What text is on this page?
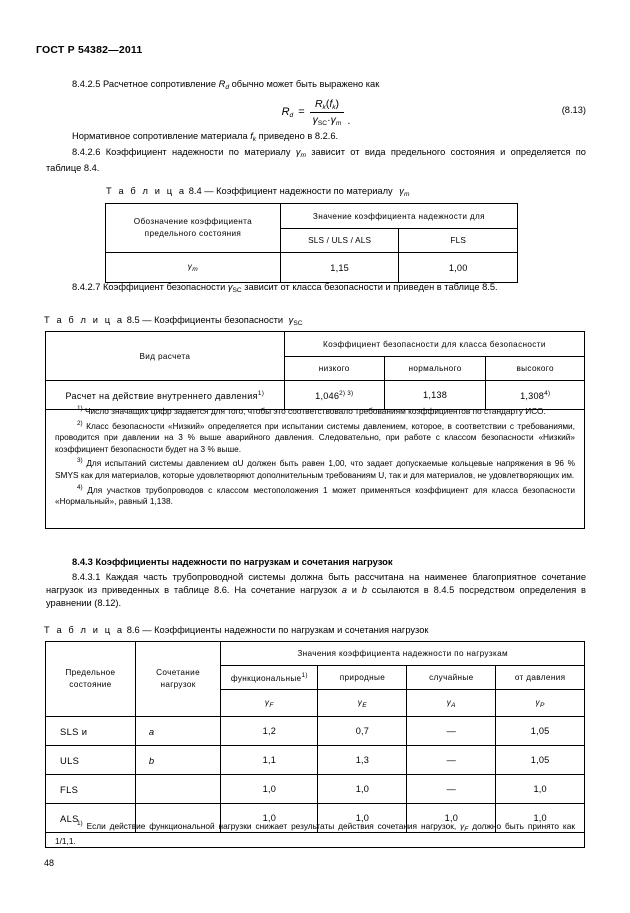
ГОСТ Р 54382—2011

8.4.2.5 Расчетное сопротивление $R_d$ обычно может быть выражено как

$R_d = \frac{R_k(f_k)}{\gamma_{SC}\cdot\gamma_m}$ .
(8.13)

Нормативное сопротивление материала $f_k$ приведено в 8.2.6.

8.4.2.6 Коэффициент надежности по материалу $\gamma_m$ зависит от вида предельного состояния и определяется по таблице 8.4.

Т а б л и ц а 8.4 — Коэффициент надежности по материалу $\gamma_m$
Обозначение коэффициента
предельного состояния	Значение коэффициента надежности для	
	SLS / ULS / ALS	FLS
$\gamma_m$	1,15	1,00

8.4.2.7 Коэффициент безопасности $\gamma_{SC}$ зависит от класса безопасности и приведен в таблице 8.5.

Т а б л и ц а 8.5 — Коэффициенты безопасности $\gamma_{SC}$
Вид расчета	Коэффициент безопасности для класса безопасности		
	низкого	нормального	высокого
Расчет на действие внутреннего давления$^{1)}$	1,046$^{2) 3)}$	1,138	1,308$^{4)}$

$^{1)}$ Число значащих цифр задается для того, чтобы это соответствовало требованиям коэффициентов по стандарту ИСО.

$^{2)}$ Класс безопасности «Низкий» определяется при испытании системы давлением, которое, в соответствии с требованиями, проводится при давлении на 3 % выше аварийного давления. Следовательно, при работе с классом безопасности «Низкий» коэффициент безопасности будет на 3 % выше.

$^{3)}$ Для испытаний системы давлением αU должен быть равен 1,00, что задает допускаемые кольцевые напряжения в 96 % SMYS как для материалов, которые удовлетворяют дополнительным требованиям U, так и для материалов, не удовлетворяющих им.

$^{4)}$ Для участков трубопроводов с классом местоположения 1 может применяться коэффициент для класса безопасности «Нормальный», равный 1,138.

8.4.3 Коэффициенты надежности по нагрузкам и сочетания нагрузок

8.4.3.1 Каждая часть трубопроводной системы должна быть рассчитана на наименее благоприятное сочетание нагрузок из приведенных в таблице 8.6. На сочетание нагрузок a и b ссылаются в 8.4.5 посредством определения в уравнении (8.12).

Т а б л и ц а 8.6 — Коэффициенты надежности по нагрузкам и сочетания нагрузок
Предельное
состояние	Сочетание
нагрузок	Значения коэффициента надежности по нагрузкам			
		функциональные$^{1)}$	природные	случайные	от давления
		$\gamma_F$	$\gamma_E$	$\gamma_A$	$\gamma_P$
SLS и	a	1,2	0,7	—	1,05
ULS	b	1,1	1,3	—	1,05
FLS		1,0	1,0	—	1,0
ALS		1,0	1,0	1,0	1,0

$^{1)}$ Если действие функциональной нагрузки снижает результаты действия сочетания нагрузок, $\gamma_F$ должно быть принято как 1/1,1.

48
